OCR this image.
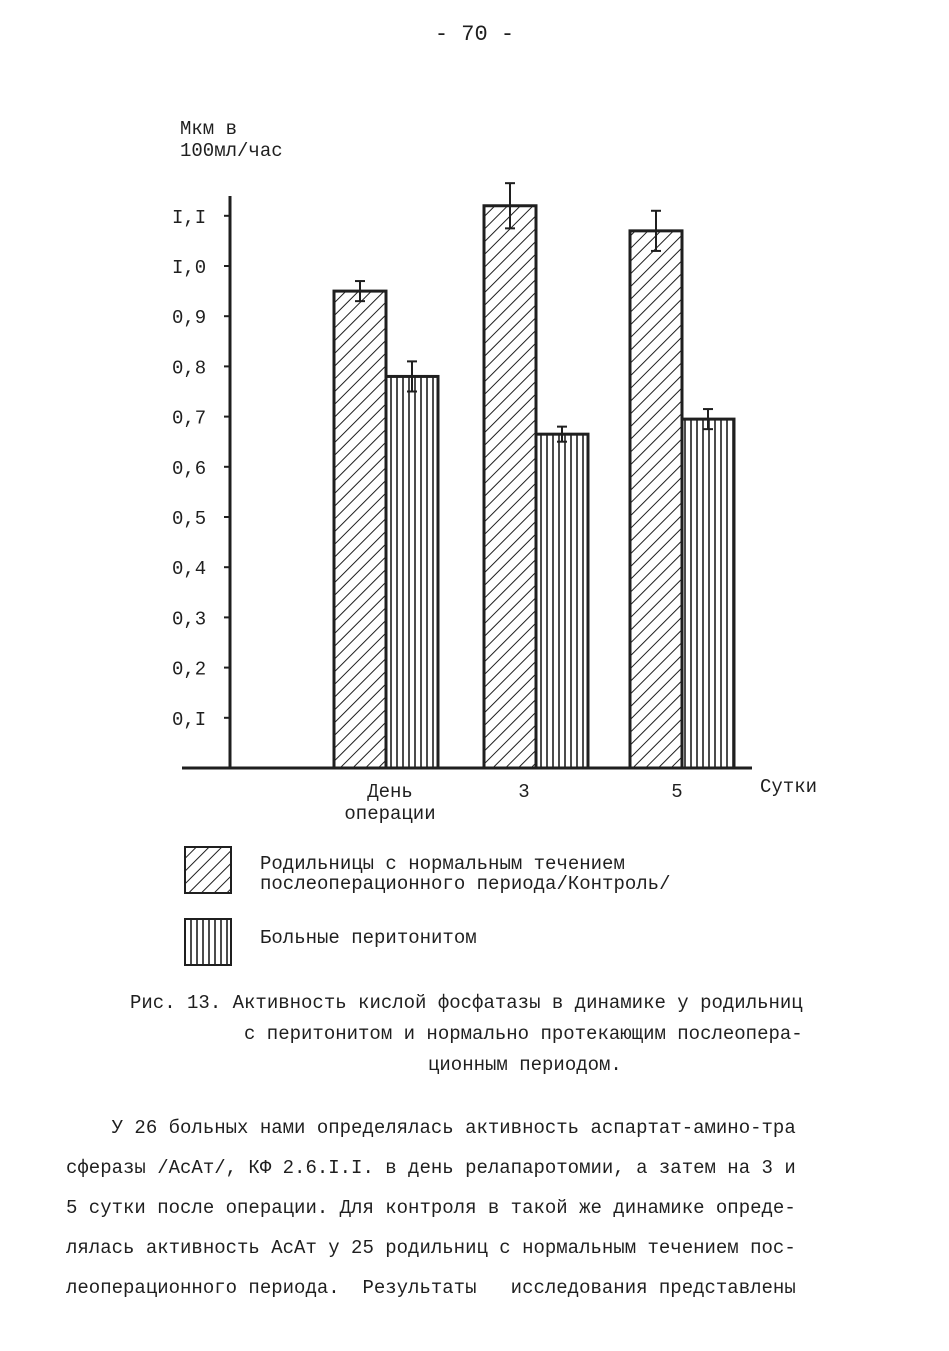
- 70 -
0,I
0,2
0,3
0,4
0,5
0,6
0,7
0,8
0,9
I,0
I,I
День операции
3	5	Сутки
Мкм в
100мл/час
Родильницы с нормальным течением
послеоперационного периода/Контроль/
Больные перитонитом
Рис. 13. Активность кислой фосфатазы в динамике у родильниц
с перитонитом и нормально протекающим послеопера-
ционным периодом.
У 26 больных нами определялась активность аспартат-амино-тра
сферазы /АсАт/, КФ 2.6.I.I. в день релапаротомии, а затем на 3 и
5 сутки после операции. Для контроля в такой же динамике опреде-
лялась активность АсАт у 25 родильниц с нормальным течением пос-
леоперационного периода.  Результаты   исследования представлены
